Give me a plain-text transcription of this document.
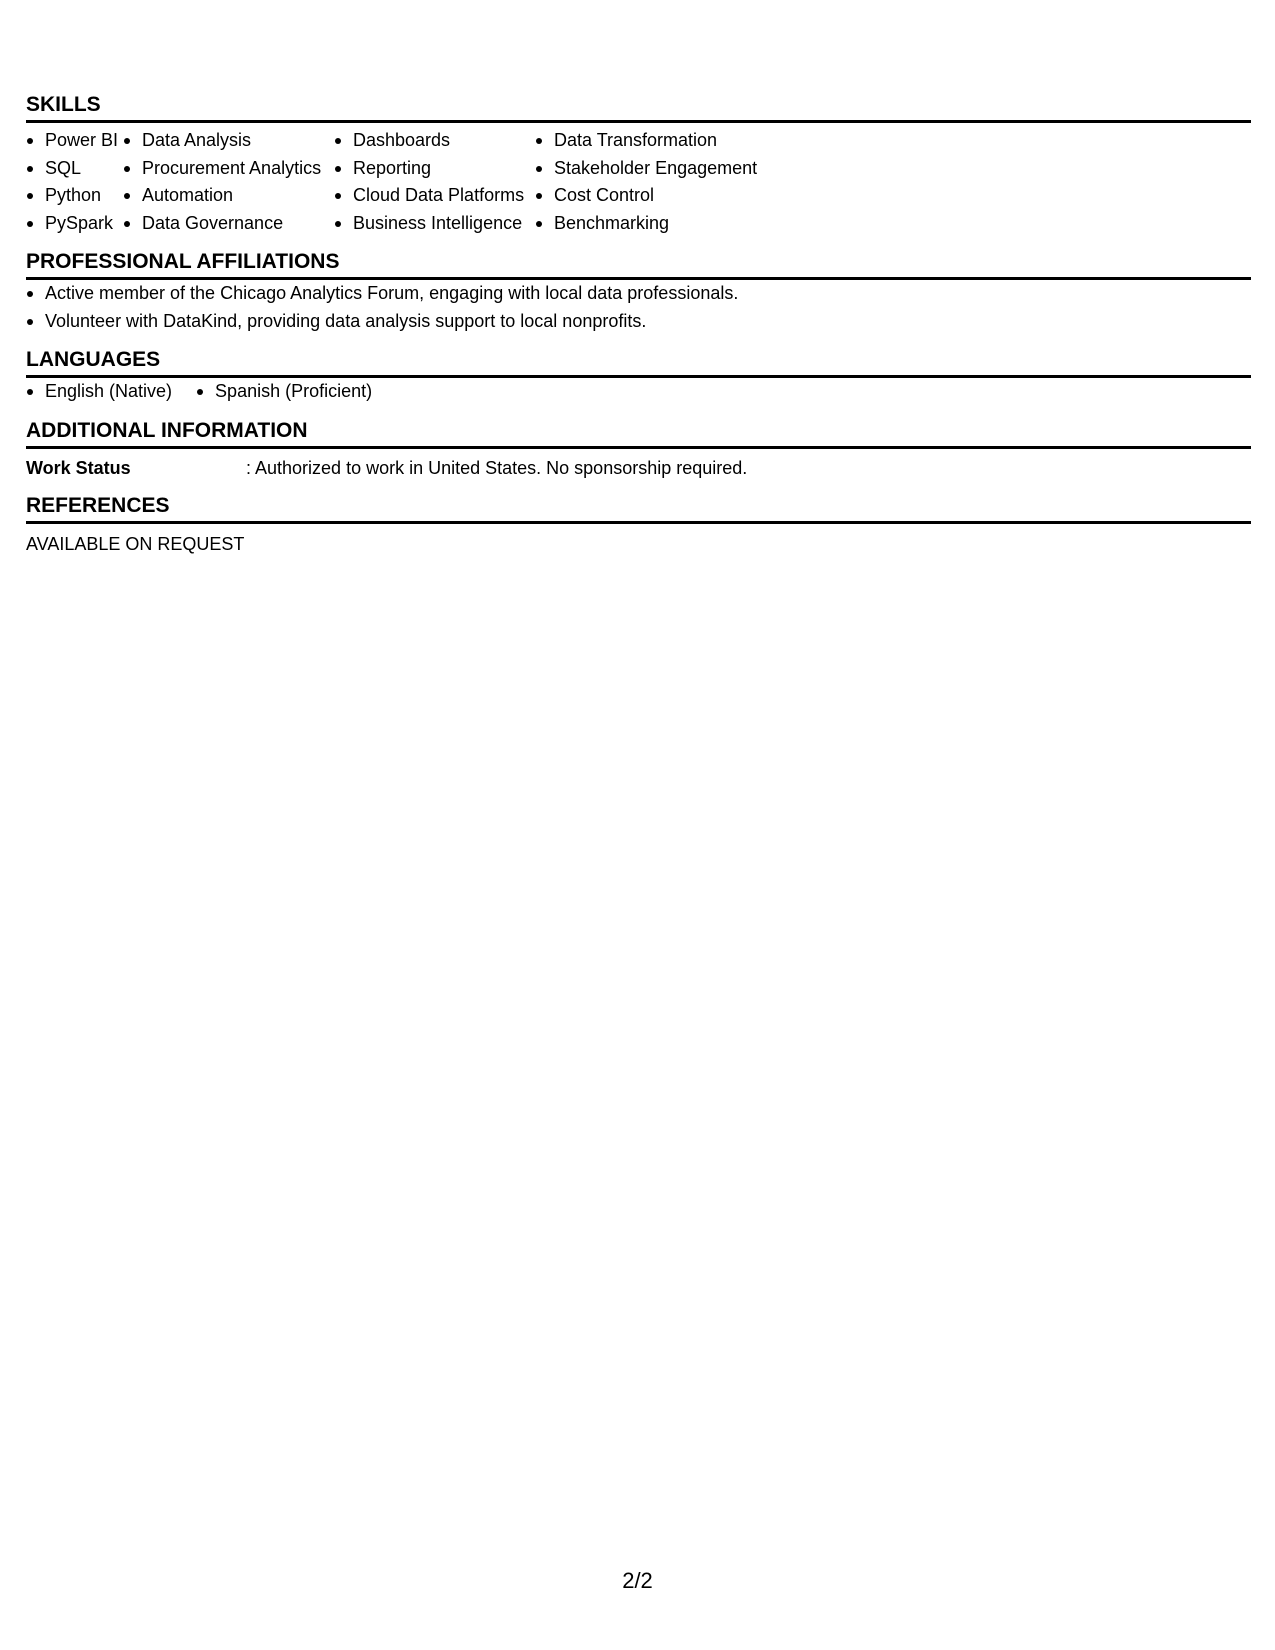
SKILLS
Power BI
SQL
Python
PySpark
Data Analysis
Procurement Analytics
Automation
Data Governance
Dashboards
Reporting
Cloud Data Platforms
Business Intelligence
Data Transformation
Stakeholder Engagement
Cost Control
Benchmarking
PROFESSIONAL AFFILIATIONS
Active member of the Chicago Analytics Forum, engaging with local data professionals.
Volunteer with DataKind, providing data analysis support to local nonprofits.
LANGUAGES
English (Native)	Spanish (Proficient)
ADDITIONAL INFORMATION
Work Status	: Authorized to work in United States. No sponsorship required.
REFERENCES
AVAILABLE ON REQUEST
2/2
